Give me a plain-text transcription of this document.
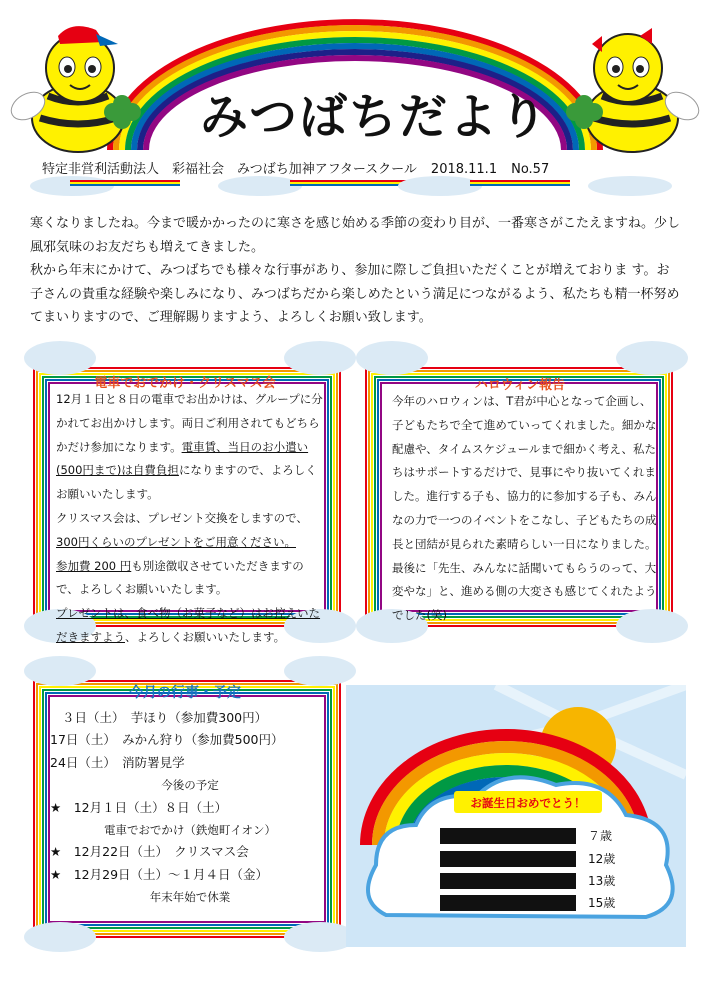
みつばちだより
特定非営利活動法人　彩福社会　みつばち加神アフタースクール 2018.11.1 No.57

寒くなりましたね。今まで暖かかったのに寒さを感じ始める季節の変わり目が、一番寒さがこたえますね。少し風邪気味のお友だちも増えてきました。

秋から年末にかけて、みつばちでも様々な行事があり、参加に際しご負担いただくことが増えておりま す。お子さんの貴重な経験や楽しみになり、みつばちだから楽しめたという満足につながるよう、私たちも精一杯努めてまいりますので、ご理解賜りますよう、よろしくお願い致します。

電車でおでかけ・クリスマス会

12月１日と８日の電車でお出かけは、グループに分かれてお出かけします。両日ご利用されてもどちらかだけ参加になります。電車賃、当日のお小遣い(500円まで)は自費負担になりますので、よろしくお願いいたします。

クリスマス会は、プレゼント交換をしますので、300円くらいのプレゼントをご用意ください。

参加費 200 円も別途徴収させていただきますので、よろしくお願いいたします。

プレゼントは、食べ物（お菓子など）はお控えいただきますよう、よろしくお願いいたします。

ハロウィン報告
今年のハロウィンは、T君が中心となって企画し、子どもたちで全て進めていってくれました。細かな配慮や、タイムスケジュールまで細かく考え、私たちはサポートするだけで、見事にやり抜いてくれました。進行する子も、協力的に参加する子も、みんなの力で一つのイベントをこなし、子どもたちの成長と団結が見られた素晴らしい一日になりました。最後に「先生、みんなに話聞いてもらうのって、大変やな」と、進める側の大変さも感じてくれたようでした(笑)
今月の行事・予定

３日（土）　芋ほり（参加費300円）

17日（土）　みかん狩り（参加費500円）

24日（土）　消防署見学

今後の予定

★　12月１日（土）８日（土）

電車でおでかけ（鉄炮町イオン）

★　12月22日（土）　クリスマス会

★　12月29日（土）～１月４日（金）

年末年始で休業

お誕生日おめでとう！
７歳
12歳
13歳
15歳
